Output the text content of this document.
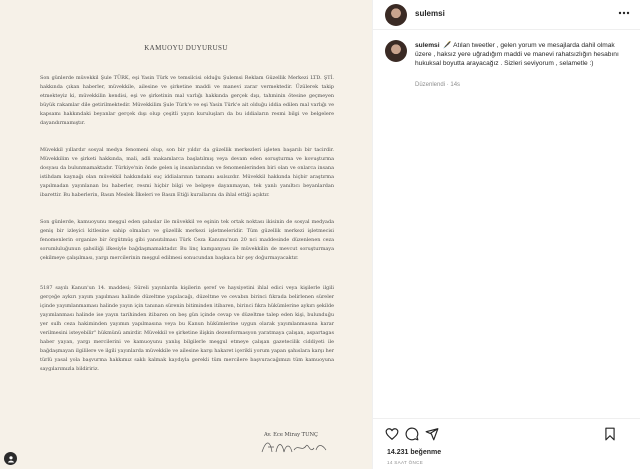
KAMUOYU DUYURUSU
Son günlerde müvekkil Şule TÜRK, eşi Yasin Türk ve temsilcisi olduğu Şulemsi Reklam Güzellik Merkezi LTD. ŞTİ. hakkında çıkan haberler, müvekkile, ailesine ve şirketine maddi ve manevi zarar vermektedir. Üzülerek takip etmekteyiz ki, müvekkilin kendisi, eşi ve şirketinin mal varlığı hakkında gerçek dışı, tahminin ötesine geçmeyen büyük rakamlar dile getirilmektedir. Müvekkilim Şule Türk'e ve eşi Yasin Türk'e ait olduğu iddia edilen mal varlığı ve kapsamı hakkındaki beyanlar gerçek dışı olup çeşitli yayın kuruluşları da bu iddiaların resmi bilgi ve belgelere dayandırmamıştır.
Müvekkil yıllardır sosyal medya fenomeni olup, son bir yıldır da güzellik merkezleri işleten başarılı bir tacirdir. Müvekkilim ve şirketi hakkında, mali, adli makamlarca başlatılmış veya devam eden soruşturma ve kovuşturma dosyası da bulunmamaktadır. Türkiye'nin önde gelen iş insanlarından ve fenomenlerinden biri olan ve onlarca insana istihdam kaynağı olan müvekkil hakkındaki suç iddialarının tamamı asılsızdır. Müvekkil hakkında hiçbir araştırma yapılmadan yayınlanan bu haberler, resmi hiçbir bilgi ve belgeye dayanmayan, tek yanlı yanıltıcı beyanlardan ibarettir. Bu haberlerin, Basın Meslek İlkeleri ve Basın Etiği kurallarını da ihlal ettiği açıktır.
Son günlerde, kamuoyunu meşgul eden şahıslar ile müvekkil ve eşinin tek ortak noktası ikisinin de sosyal medyada geniş bir izleyici kitlesine sahip olmaları ve güzellik merkezi işletmeleridir. Tüm güzellik merkezi işletmecisi fenomenlerin organize bir örgütmüş gibi yansıtılması Türk Ceza Kanunu'nun 20 nci maddesinde düzenlenen ceza sorumluluğunun şahsiliği ilkesiyle bağdaşmamaktadır. Bu linç kampanyası ile müvekkilin de mevcut soruşturmaya çekilmeye çalışılması, yargı mercilerinin meşgul edilmesi sonucundan başkaca bir şey doğurmayacaktır.
5187 sayılı Kanun'un 14. maddesi; Süreli yayınlarda kişilerin şeref ve haysiyetini ihlal edici veya kişilerle ilgili gerçeğe aykırı yayım yapılması halinde düzeltme yapılacağı, düzeltme ve cevabın birinci fıkrada belirlenen süreler içinde yayımlanmaması halinde yayın için tanınan sürenin bitiminden itibaren, birinci fıkra hükümlerine aykırı şekilde yayımlanması halinde ise yayın tarihinden itibaren on beş gün içinde cevap ve düzeltme talep eden kişi, bulunduğu yer sulh ceza hakiminden yayımın yapılmasına veya bu Kanun hükümlerine uygun olarak yayımlanmasına karar verilmesini isteyebilir" hükmünü amirdir. Müvekkil ve şirketine ilişkin dezenformasyon yaratmaya çalışan, aspartagas haber yayan, yargı mercilerini ve kamuoyunu yanlış bilgilerle meşgul etmeye çalışan gazetecilik ciddiyeti ile bağdaşmayan ilgililere ve ilgili yayınlarda müvekkile ve ailesine karşı hakaret içerikli yorum yapan şahıslara karşı her türlü yasal yola başvurma hakkımız saklı kalmak kaydıyla gerekli tüm mercilere başvuracağımızı tüm kamuoyuna saygılarımızla bildiririz.
Av. Ece Miray TUNÇ
sulemsi
sulemsi 🖋️ Atılan tweetler , gelen yorum ve mesajlarda dahil olmak üzere , haksız yere uğradığım maddi ve manevi rahatsızlığın hesabını hukuksal boyutta arayacağız . Sizleri seviyorum , selametle :)
Düzenlendi · 14s
14.231 beğenme
14 SAAT ÖNCE
